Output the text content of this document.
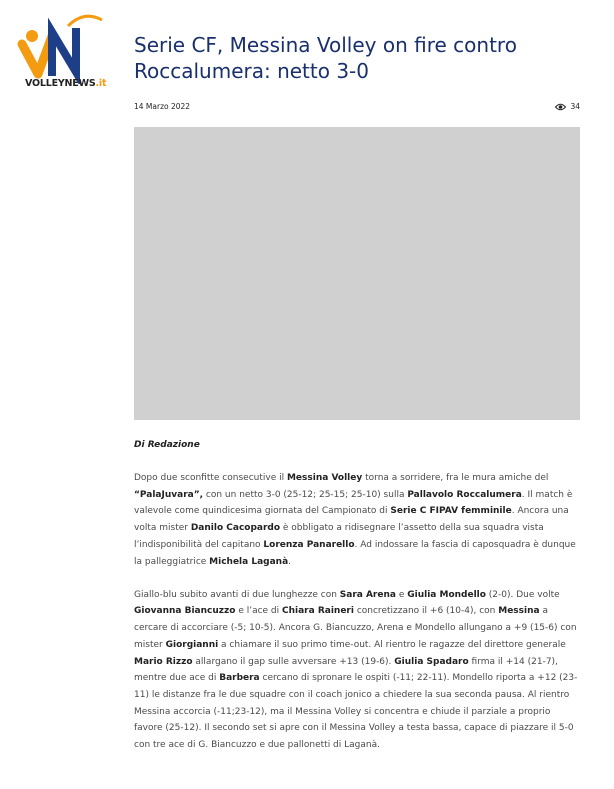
VOLLEYNEWS.it
Serie CF, Messina Volley on fire contro Roccalumera: netto 3-0
14 Marzo 2022	34
Di Redazione

Dopo due sconfitte consecutive il Messina Volley torna a sorridere, fra le mura amiche del “PalaJuvara”, con un netto 3-0 (25-12; 25-15; 25-10) sulla Pallavolo Roccalumera. Il match è valevole come quindicesima giornata del Campionato di Serie C FIPAV femminile. Ancora una volta mister Danilo Cacopardo è obbligato a ridisegnare l’assetto della sua squadra vista l’indisponibilità del capitano Lorenza Panarello. Ad indossare la fascia di caposquadra è dunque la palleggiatrice Michela Laganà.

Giallo-blu subito avanti di due lunghezze con Sara Arena e Giulia Mondello (2-0). Due volte Giovanna Biancuzzo e l’ace di Chiara Raineri concretizzano il +6 (10-4), con Messina a cercare di accorciare (-5; 10-5). Ancora G. Biancuzzo, Arena e Mondello allungano a +9 (15-6) con mister Giorgianni a chiamare il suo primo time-out. Al rientro le ragazze del direttore generale Mario Rizzo allargano il gap sulle avversare +13 (19-6). Giulia Spadaro firma il +14 (21-7), mentre due ace di Barbera cercano di spronare le ospiti (-11; 22-11). Mondello riporta a +12 (23-11) le distanze fra le due squadre con il coach jonico a chiedere la sua seconda pausa. Al rientro Messina accorcia (-11;23-12), ma il Messina Volley si concentra e chiude il parziale a proprio favore (25-12). Il secondo set si apre con il Messina Volley a testa bassa, capace di piazzare il 5-0 con tre ace di G. Biancuzzo e due pallonetti di Laganà.
